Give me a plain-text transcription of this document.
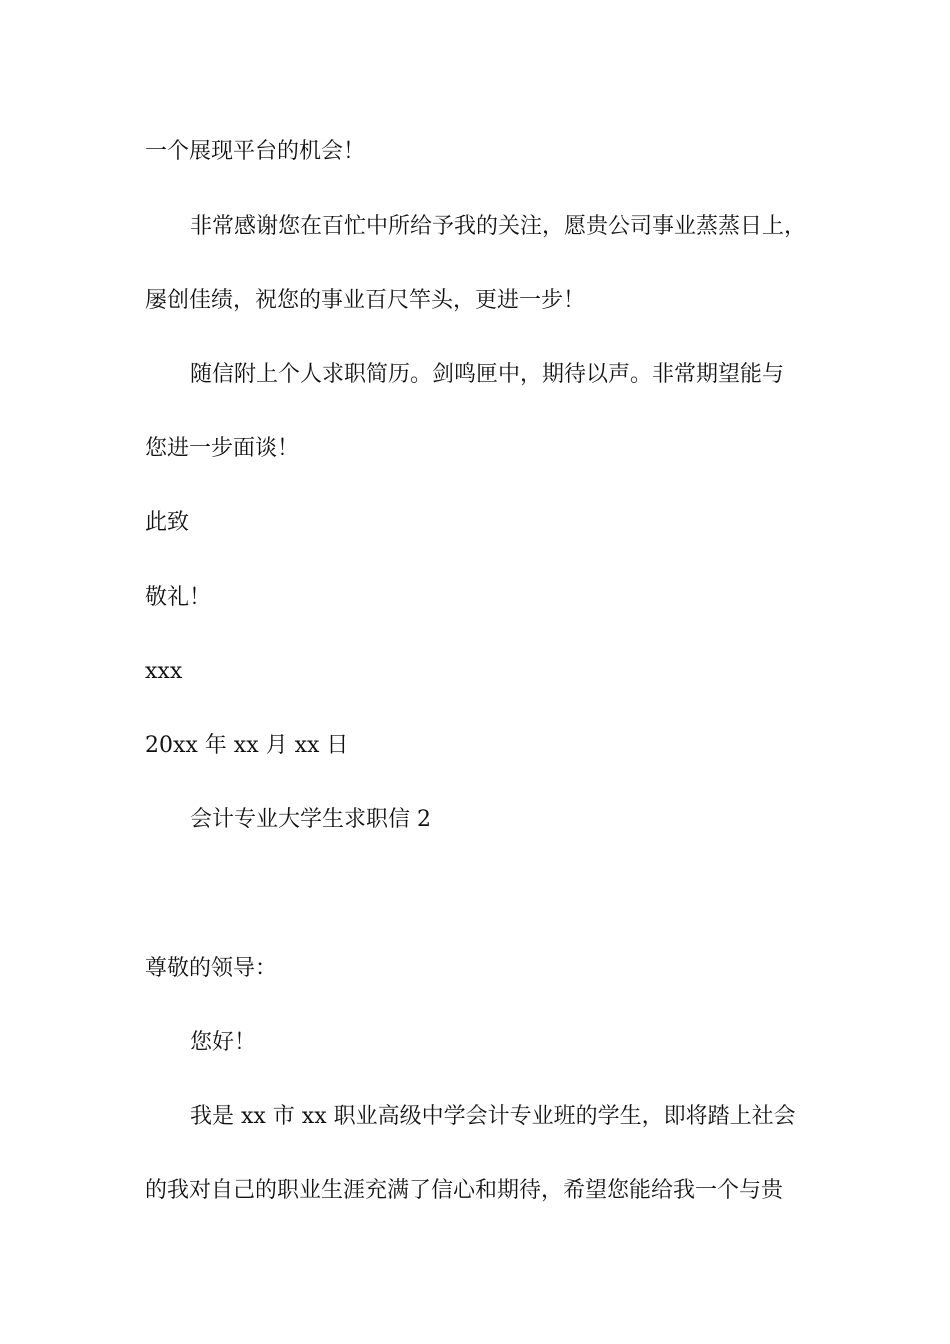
一个展现平台的机会！
非常感谢您在百忙中所给予我的关注，愿贵公司事业蒸蒸日上，
屡创佳绩，祝您的事业百尺竿头，更进一步！
随信附上个人求职简历。剑鸣匣中，期待以声。非常期望能与
您进一步面谈！
此致
敬礼！
xxx
20xx 年 xx 月 xx 日
会计专业大学生求职信 2
尊敬的领导：
您好！
我是 xx 市 xx 职业高级中学会计专业班的学生，即将踏上社会
的我对自己的职业生涯充满了信心和期待，希望您能给我一个与贵
